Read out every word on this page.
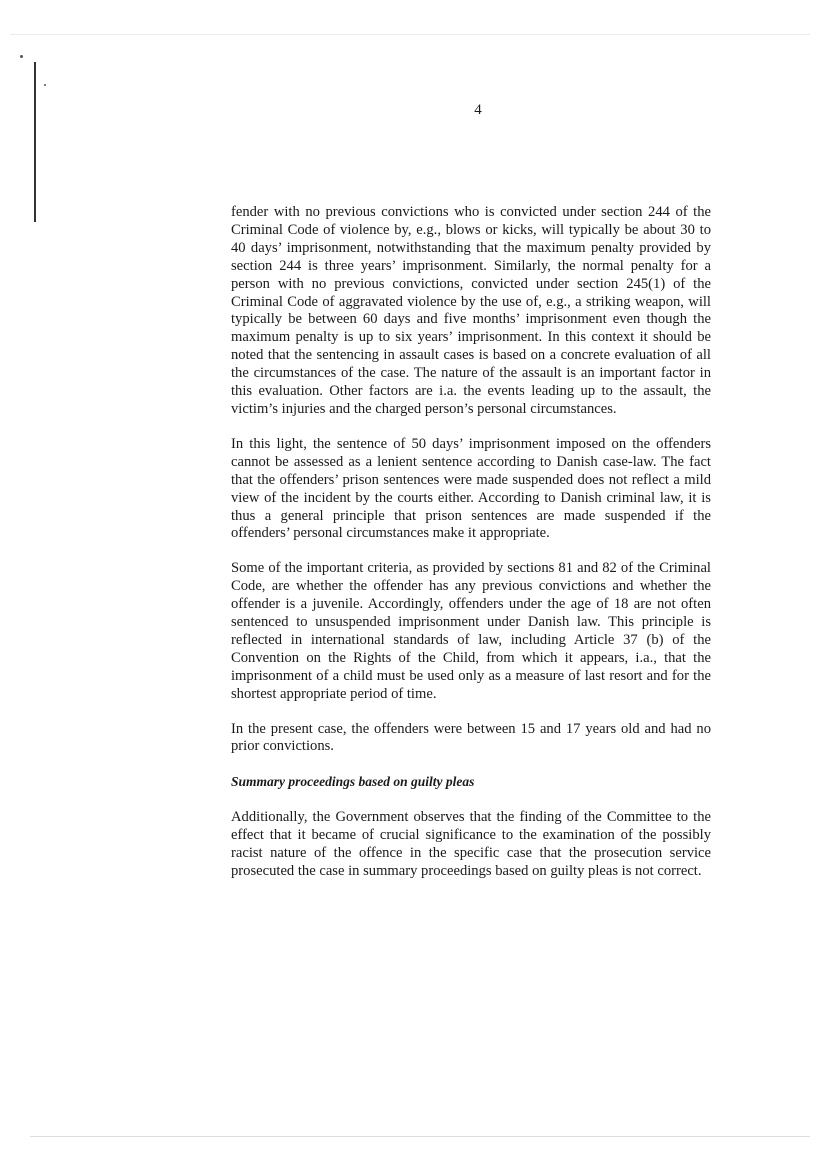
4

fender with no previous convictions who is convicted under section 244 of the Criminal Code of violence by, e.g., blows or kicks, will typically be about 30 to 40 days’ imprisonment, notwithstanding that the maximum penalty provided by section 244 is three years’ imprisonment. Similarly, the normal penalty for a person with no previous convictions, convicted under section 245(1) of the Criminal Code of aggravated violence by the use of, e.g., a striking weapon, will typically be between 60 days and five months’ imprisonment even though the maximum penalty is up to six years’ imprisonment. In this context it should be noted that the sentencing in assault cases is based on a concrete evaluation of all the circumstances of the case. The nature of the assault is an important factor in this evaluation. Other factors are i.a. the events leading up to the assault, the victim’s injuries and the charged person’s personal circumstances.

In this light, the sentence of 50 days’ imprisonment imposed on the offenders cannot be assessed as a lenient sentence according to Danish case-law. The fact that the offenders’ prison sentences were made suspended does not reflect a mild view of the incident by the courts either. According to Danish criminal law, it is thus a general principle that prison sentences are made suspended if the offenders’ personal circumstances make it appropriate.

Some of the important criteria, as provided by sections 81 and 82 of the Criminal Code, are whether the offender has any previous convictions and whether the offender is a juvenile. Accordingly, offenders under the age of 18 are not often sentenced to unsuspended imprisonment under Danish law. This principle is reflected in international standards of law, including Article 37 (b) of the Convention on the Rights of the Child, from which it appears, i.a., that the imprisonment of a child must be used only as a measure of last resort and for the shortest appropriate period of time.

In the present case, the offenders were between 15 and 17 years old and had no prior convictions.

Summary proceedings based on guilty pleas

Additionally, the Government observes that the finding of the Committee to the effect that it became of crucial significance to the examination of the possibly racist nature of the offence in the specific case that the prosecution service prosecuted the case in summary proceedings based on guilty pleas is not correct.
